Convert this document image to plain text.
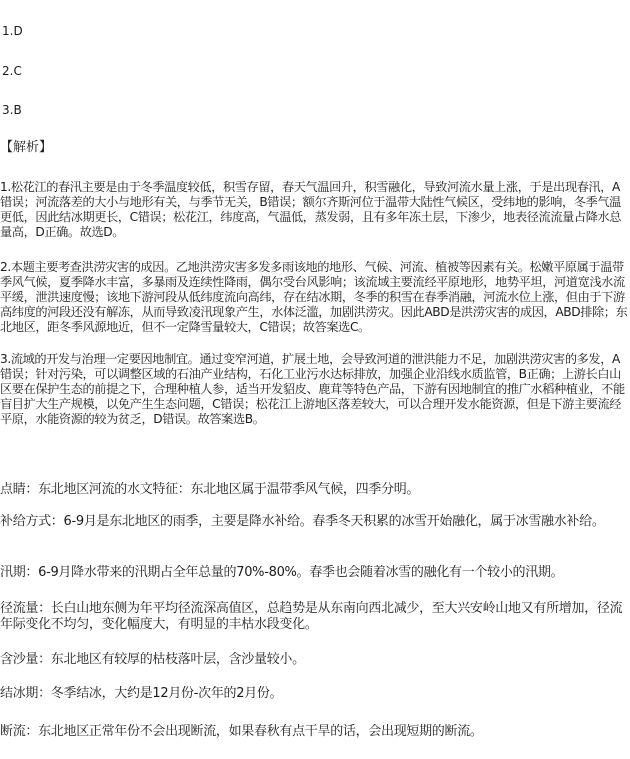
1.D
2.C
3.B
【解析】

1.松花江的春汛主要是由于冬季温度较低，积雪存留，春天气温回升，积雪融化，导致河流水量上涨，于是出现春汛，A错误；河流落差的大小与地形有关，与季节无关，B错误；额尔齐斯河位于温带大陆性气候区，受纬地的影响，冬季气温更低，因此结冰期更长，C错误；松花江，纬度高，气温低，蒸发弱，且有多年冻土层，下渗少，地表径流流量占降水总量高，D正确。故选D。

2.本题主要考查洪涝灾害的成因。乙地洪涝灾害多发多雨该地的地形、气候、河流、植被等因素有关。松嫩平原属于温带季风气候，夏季降水丰富，多暴雨及连续性降雨，偶尔受台风影响；该流域主要流经平原地形，地势平坦，河道宽浅水流平缓，泄洪速度慢；该地下游河段从低纬度流向高纬，存在结冰期，冬季的积雪在春季消融，河流水位上涨，但由于下游高纬度的河段还没有解冻，从而导致凌汛现象产生，水体泛滥，加剧洪涝灾。因此ABD是洪涝灾害的成因，ABD排除；东北地区，距冬季风源地近，但不一定降雪量较大，C错误；故答案选C。

3.流域的开发与治理一定要因地制宜。通过变窄河道，扩展土地，会导致河道的泄洪能力不足，加剧洪涝灾害的多发，A错误；针对污染，可以调整区域的石油产业结构，石化工业污水达标排放，加强企业沿线水质监管，B正确；上游长白山区要在保护生态的前提之下，合理种植人参，适当开发貂皮、鹿茸等特色产品，下游有因地制宜的推广水稻种植业，不能盲目扩大生产规模，以免产生生态问题，C错误；松花江上游地区落差较大，可以合理开发水能资源，但是下游主要流经平原，水能资源的较为贫乏，D错误。故答案选B。

点睛：东北地区河流的水文特征：东北地区属于温带季风气候，四季分明。

补给方式：6-9月是东北地区的雨季，主要是降水补给。春季冬天积累的冰雪开始融化，属于冰雪融水补给。

汛期：6-9月降水带来的汛期占全年总量的70%-80%。春季也会随着冰雪的融化有一个较小的汛期。

径流量：长白山地东侧为年平均径流深高值区，总趋势是从东南向西北减少，至大兴安岭山地又有所增加，径流年际变化不均匀，变化幅度大，有明显的丰枯水段变化。

含沙量：东北地区有较厚的枯枝落叶层，含沙量较小。

结冰期：冬季结冰，大约是12月份-次年的2月份。

断流：东北地区正常年份不会出现断流，如果春秋有点干旱的话，会出现短期的断流。
